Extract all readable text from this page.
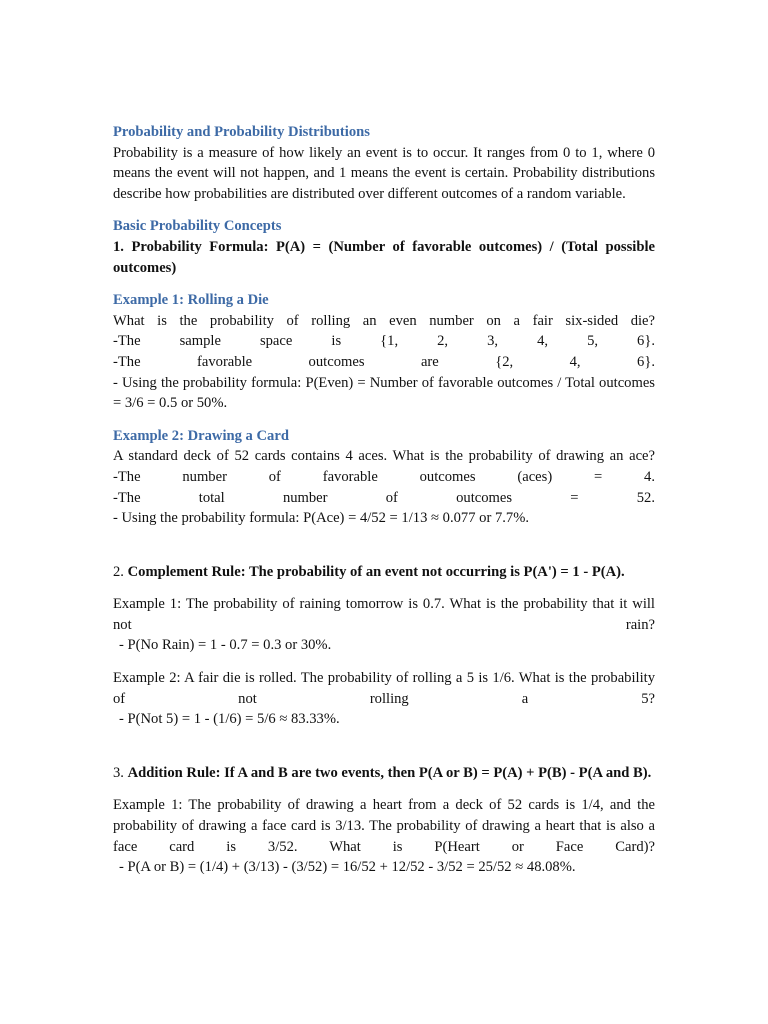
Probability and Probability Distributions

Probability is a measure of how likely an event is to occur. It ranges from 0 to 1, where 0 means the event will not happen, and 1 means the event is certain. Probability distributions describe how probabilities are distributed over different outcomes of a random variable.

Basic Probability Concepts

1. Probability Formula: P(A) = (Number of favorable outcomes) / (Total possible outcomes)

Example 1: Rolling a Die

What is the probability of rolling an even number on a fair six-sided die?
-The sample space is {1, 2, 3, 4, 5, 6}.
-The favorable outcomes are {2, 4, 6}.
- Using the probability formula: P(Even) = Number of favorable outcomes / Total outcomes = 3/6 = 0.5 or 50%.

Example 2: Drawing a Card

A standard deck of 52 cards contains 4 aces. What is the probability of drawing an ace?
-The number of favorable outcomes (aces) = 4.
-The total number of outcomes = 52.
- Using the probability formula: P(Ace) = 4/52 = 1/13 ≈ 0.077 or 7.7%.

2. Complement Rule: The probability of an event not occurring is P(A') = 1 - P(A).

Example 1: The probability of raining tomorrow is 0.7. What is the probability that it will not rain?
- P(No Rain) = 1 - 0.7 = 0.3 or 30%.

Example 2: A fair die is rolled. The probability of rolling a 5 is 1/6. What is the probability of not rolling a 5?
- P(Not 5) = 1 - (1/6) = 5/6 ≈ 83.33%.

3. Addition Rule: If A and B are two events, then P(A or B) = P(A) + P(B) - P(A and B).

Example 1: The probability of drawing a heart from a deck of 52 cards is 1/4, and the probability of drawing a face card is 3/13. The probability of drawing a heart that is also a face card is 3/52. What is P(Heart or Face Card)?
- P(A or B) = (1/4) + (3/13) - (3/52) = 16/52 + 12/52 - 3/52 = 25/52 ≈ 48.08%.
